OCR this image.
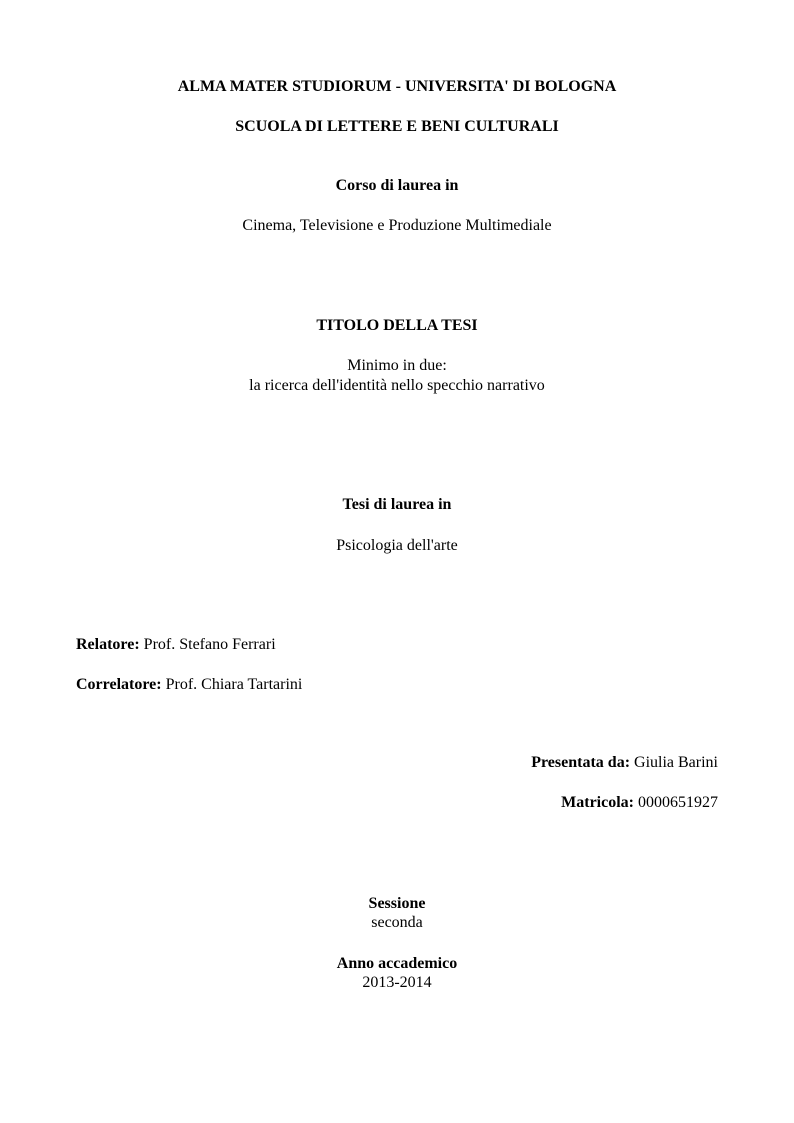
ALMA MATER STUDIORUM - UNIVERSITA' DI BOLOGNA
SCUOLA DI LETTERE E BENI CULTURALI
Corso di laurea in
Cinema, Televisione e Produzione Multimediale
TITOLO DELLA TESI
Minimo in due:
la ricerca dell'identità nello specchio narrativo
Tesi di laurea in
Psicologia dell'arte
Relatore: Prof. Stefano Ferrari
Correlatore: Prof. Chiara Tartarini
Presentata da: Giulia Barini
Matricola: 0000651927
Sessione
seconda
Anno accademico
2013-2014
